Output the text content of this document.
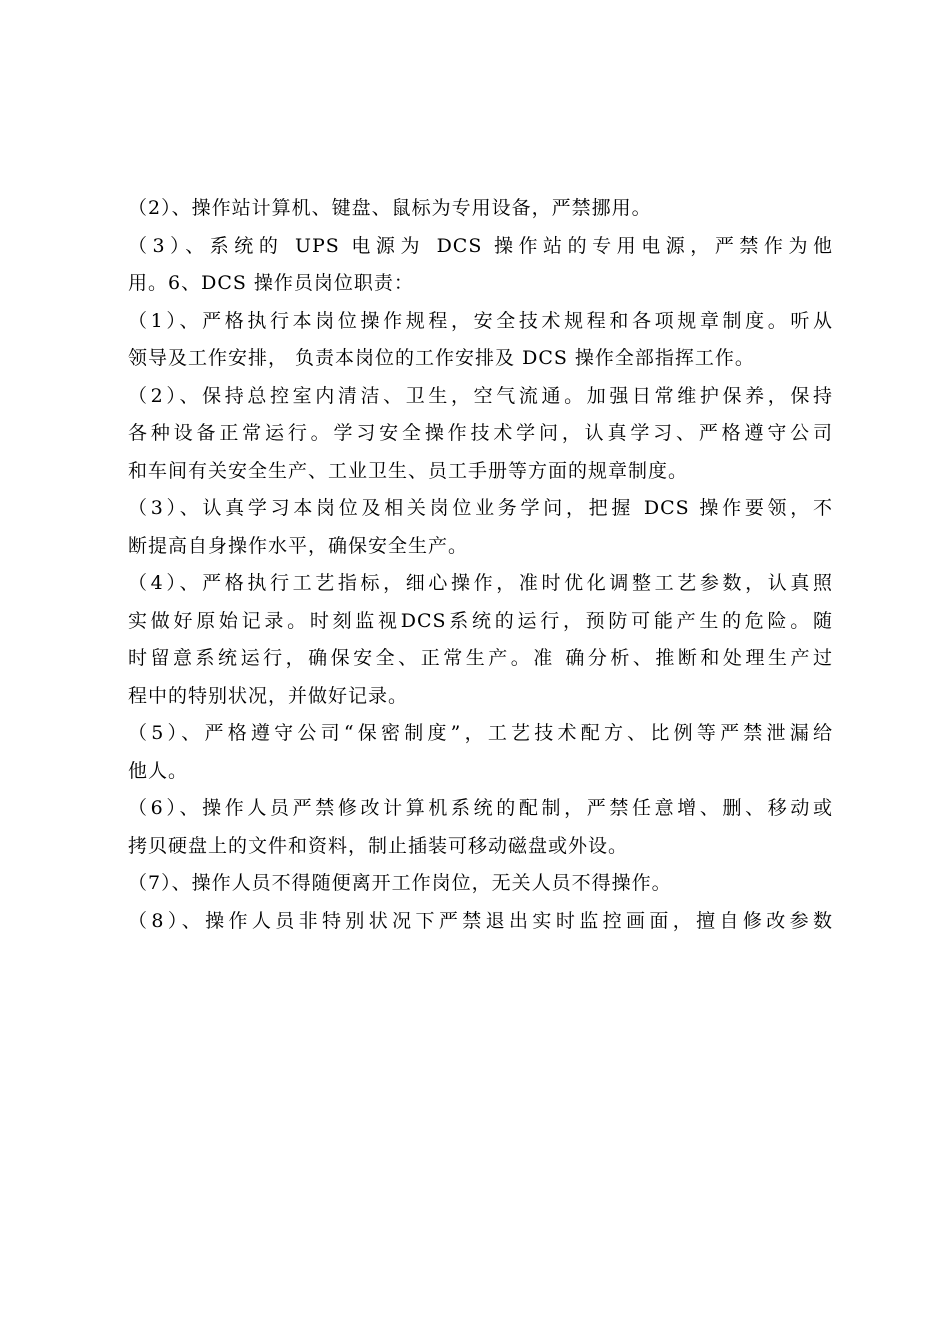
（2）、操作站计算机、键盘、鼠标为专用设备，严禁挪用。

（3）、系统的 UPS 电源为 DCS 操作站的专用电源，严禁作为他
用。6、DCS 操作员岗位职责：

（1）、严格执行本岗位操作规程，安全技术规程和各项规章制度。听从
领导及工作安排， 负责本岗位的工作安排及 DCS 操作全部指挥工作。

（2）、保持总控室内清洁、卫生，空气流通。加强日常维护保养，保持
各种设备正常运行。学习安全操作技术学问，认真学习、严格遵守公司
和车间有关安全生产、工业卫生、员工手册等方面的规章制度。

（3）、认真学习本岗位及相关岗位业务学问，把握 DCS 操作要领，不
断提高自身操作水平，确保安全生产。

（4）、严格执行工艺指标，细心操作，准时优化调整工艺参数，认真照
实做好原始记录。时刻监视DCS系统的运行，预防可能产生的危险。随
时留意系统运行，确保安全、正常生产。准 确分析、推断和处理生产过
程中的特别状况，并做好记录。

（5）、严格遵守公司“保密制度”，工艺技术配方、比例等严禁泄漏给
他人。

（6）、操作人员严禁修改计算机系统的配制，严禁任意增、删、移动或
拷贝硬盘上的文件和资料，制止插装可移动磁盘或外设。

（7）、操作人员不得随便离开工作岗位，无关人员不得操作。

（8）、操作人员非特别状况下严禁退出实时监控画面，擅自修改参数
